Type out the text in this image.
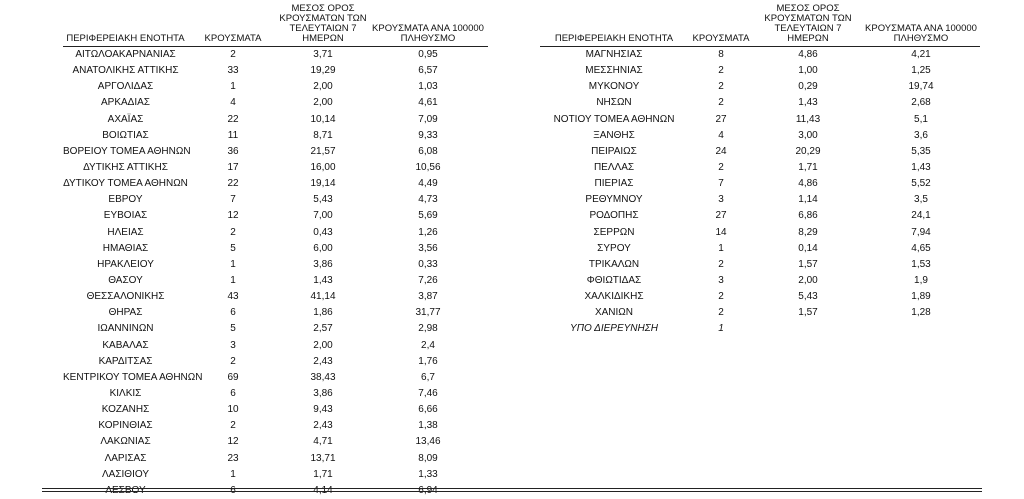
ΠΕΡΙΦΕΡΕΙΑΚΗ ΕΝΟΤΗΤΑ	ΚΡΟΥΣΜΑΤΑ	ΜΕΣΟΣ ΟΡΟΣ ΚΡΟΥΣΜΑΤΩΝ ΤΩΝ ΤΕΛΕΥΤΑΙΩΝ 7 ΗΜΕΡΩΝ	ΚΡΟΥΣΜΑΤΑ ΑΝΑ 100000 ΠΛΗΘΥΣΜΟ
ΑΙΤΩΛΟΑΚΑΡΝΑΝΙΑΣ	2	3,71	0,95
ΑΝΑΤΟΛΙΚΗΣ ΑΤΤΙΚΗΣ	33	19,29	6,57
ΑΡΓΟΛΙΔΑΣ	1	2,00	1,03
ΑΡΚΑΔΙΑΣ	4	2,00	4,61
ΑΧΑΪΑΣ	22	10,14	7,09
ΒΟΙΩΤΙΑΣ	11	8,71	9,33
ΒΟΡΕΙΟΥ ΤΟΜΕΑ ΑΘΗΝΩΝ	36	21,57	6,08
ΔΥΤΙΚΗΣ ΑΤΤΙΚΗΣ	17	16,00	10,56
ΔΥΤΙΚΟΥ ΤΟΜΕΑ ΑΘΗΝΩΝ	22	19,14	4,49
ΕΒΡΟΥ	7	5,43	4,73
ΕΥΒΟΙΑΣ	12	7,00	5,69
ΗΛΕΙΑΣ	2	0,43	1,26
ΗΜΑΘΙΑΣ	5	6,00	3,56
ΗΡΑΚΛΕΙΟΥ	1	3,86	0,33
ΘΑΣΟΥ	1	1,43	7,26
ΘΕΣΣΑΛΟΝΙΚΗΣ	43	41,14	3,87
ΘΗΡΑΣ	6	1,86	31,77
ΙΩΑΝΝΙΝΩΝ	5	2,57	2,98
ΚΑΒΑΛΑΣ	3	2,00	2,4
ΚΑΡΔΙΤΣΑΣ	2	2,43	1,76
ΚΕΝΤΡΙΚΟΥ ΤΟΜΕΑ ΑΘΗΝΩΝ	69	38,43	6,7
ΚΙΛΚΙΣ	6	3,86	7,46
ΚΟΖΑΝΗΣ	10	9,43	6,66
ΚΟΡΙΝΘΙΑΣ	2	2,43	1,38
ΛΑΚΩΝΙΑΣ	12	4,71	13,46
ΛΑΡΙΣΑΣ	23	13,71	8,09
ΛΑΣΙΘΙΟΥ	1	1,71	1,33
ΛΕΣΒΟΥ	6	4,14	6,94
ΠΕΡΙΦΕΡΕΙΑΚΗ ΕΝΟΤΗΤΑ	ΚΡΟΥΣΜΑΤΑ	ΜΕΣΟΣ ΟΡΟΣ ΚΡΟΥΣΜΑΤΩΝ ΤΩΝ ΤΕΛΕΥΤΑΙΩΝ 7 ΗΜΕΡΩΝ	ΚΡΟΥΣΜΑΤΑ ΑΝΑ 100000 ΠΛΗΘΥΣΜΟ
ΜΑΓΝΗΣΙΑΣ	8	4,86	4,21
ΜΕΣΣΗΝΙΑΣ	2	1,00	1,25
ΜΥΚΟΝΟΥ	2	0,29	19,74
ΝΗΣΩΝ	2	1,43	2,68
ΝΟΤΙΟΥ ΤΟΜΕΑ ΑΘΗΝΩΝ	27	11,43	5,1
ΞΑΝΘΗΣ	4	3,00	3,6
ΠΕΙΡΑΙΩΣ	24	20,29	5,35
ΠΕΛΛΑΣ	2	1,71	1,43
ΠΙΕΡΙΑΣ	7	4,86	5,52
ΡΕΘΥΜΝΟΥ	3	1,14	3,5
ΡΟΔΟΠΗΣ	27	6,86	24,1
ΣΕΡΡΩΝ	14	8,29	7,94
ΣΥΡΟΥ	1	0,14	4,65
ΤΡΙΚΑΛΩΝ	2	1,57	1,53
ΦΘΙΩΤΙΔΑΣ	3	2,00	1,9
ΧΑΛΚΙΔΙΚΗΣ	2	5,43	1,89
ΧΑΝΙΩΝ	2	1,57	1,28
ΥΠΟ ΔΙΕΡΕΥΝΗΣΗ	1		
